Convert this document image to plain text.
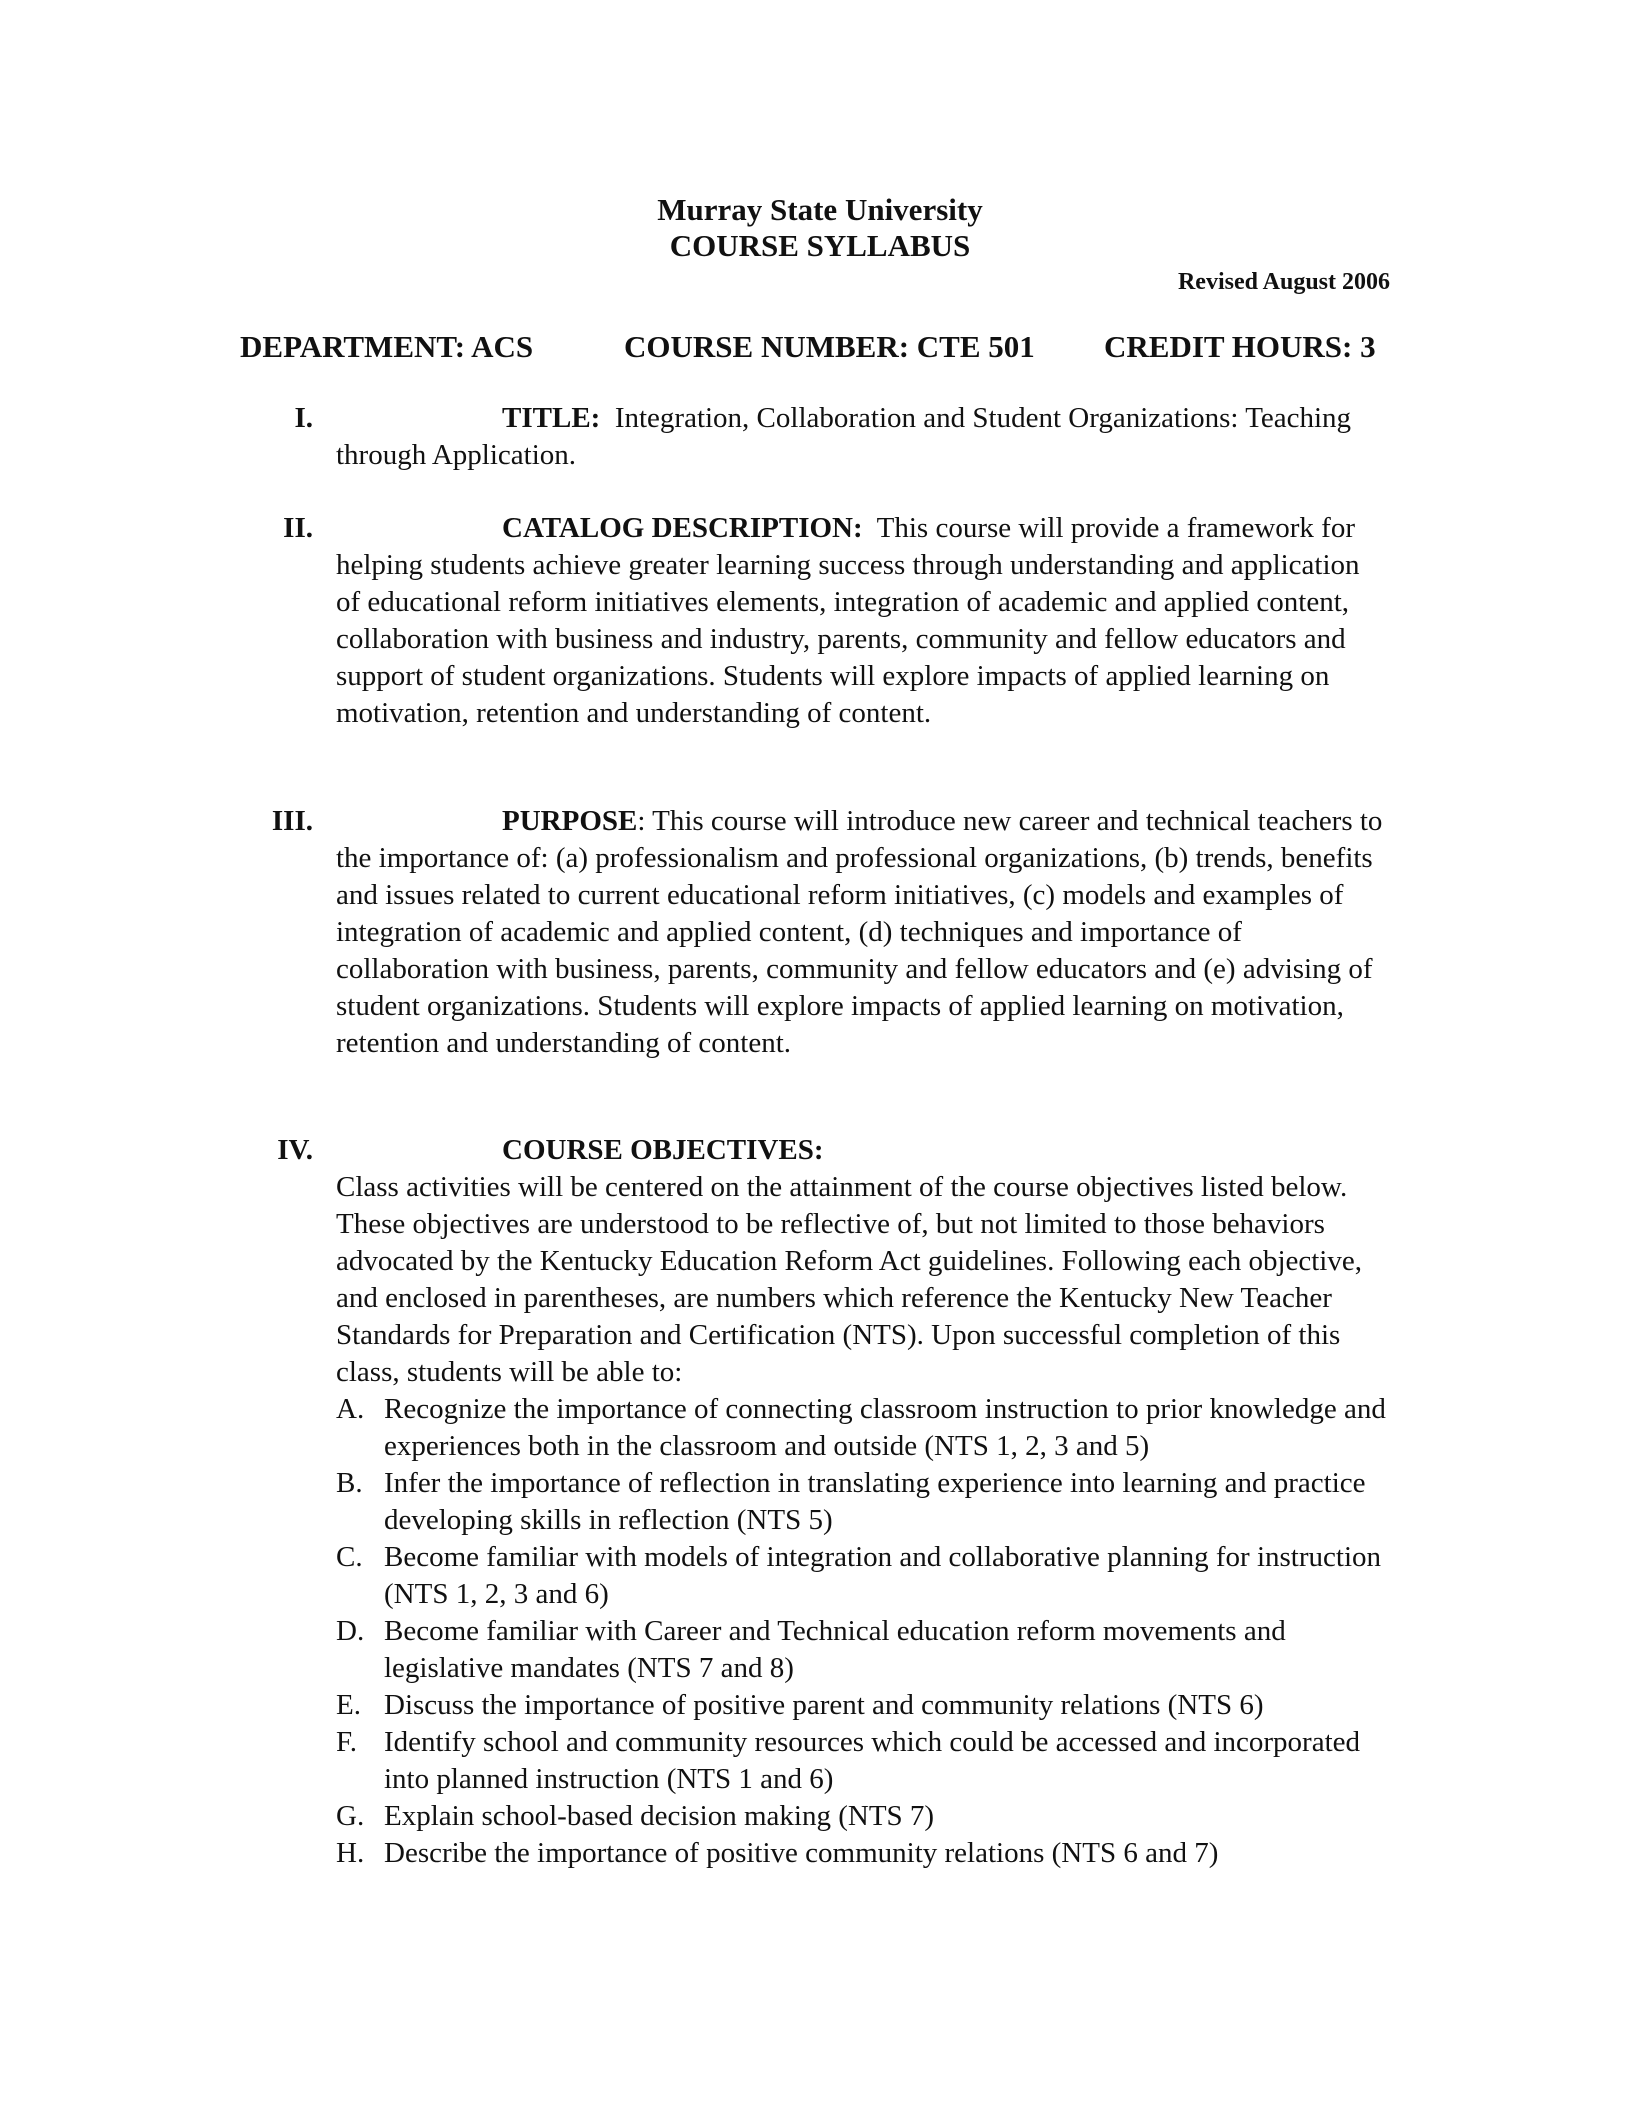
Murray State University
COURSE SYLLABUS
Revised August 2006
DEPARTMENT: ACS	COURSE NUMBER: CTE 501 CREDIT HOURS: 3
I.	TITLE: Integration, Collaboration and Student Organizations: Teaching through Application.
II.	CATALOG DESCRIPTION: This course will provide a framework for helping students achieve greater learning success through understanding and application of educational reform initiatives elements, integration of academic and applied content, collaboration with business and industry, parents, community and fellow educators and support of student organizations. Students will explore impacts of applied learning on motivation, retention and understanding of content.
III.	PURPOSE: This course will introduce new career and technical teachers to the importance of: (a) professionalism and professional organizations, (b) trends, benefits and issues related to current educational reform initiatives, (c) models and examples of integration of academic and applied content, (d) techniques and importance of collaboration with business, parents, community and fellow educators and (e) advising of student organizations. Students will explore impacts of applied learning on motivation, retention and understanding of content.
IV.	COURSE OBJECTIVES:
Class activities will be centered on the attainment of the course objectives listed below. These objectives are understood to be reflective of, but not limited to those behaviors advocated by the Kentucky Education Reform Act guidelines. Following each objective, and enclosed in parentheses, are numbers which reference the Kentucky New Teacher Standards for Preparation and Certification (NTS). Upon successful completion of this class, students will be able to:
A. Recognize the importance of connecting classroom instruction to prior knowledge and experiences both in the classroom and outside (NTS 1, 2, 3 and 5)
B. Infer the importance of reflection in translating experience into learning and practice developing skills in reflection (NTS 5)
C. Become familiar with models of integration and collaborative planning for instruction (NTS 1, 2, 3 and 6)
D. Become familiar with Career and Technical education reform movements and legislative mandates (NTS 7 and 8)
E. Discuss the importance of positive parent and community relations (NTS 6)
F. Identify school and community resources which could be accessed and incorporated into planned instruction (NTS 1 and 6)
G. Explain school-based decision making (NTS 7)
H. Describe the importance of positive community relations (NTS 6 and 7)
